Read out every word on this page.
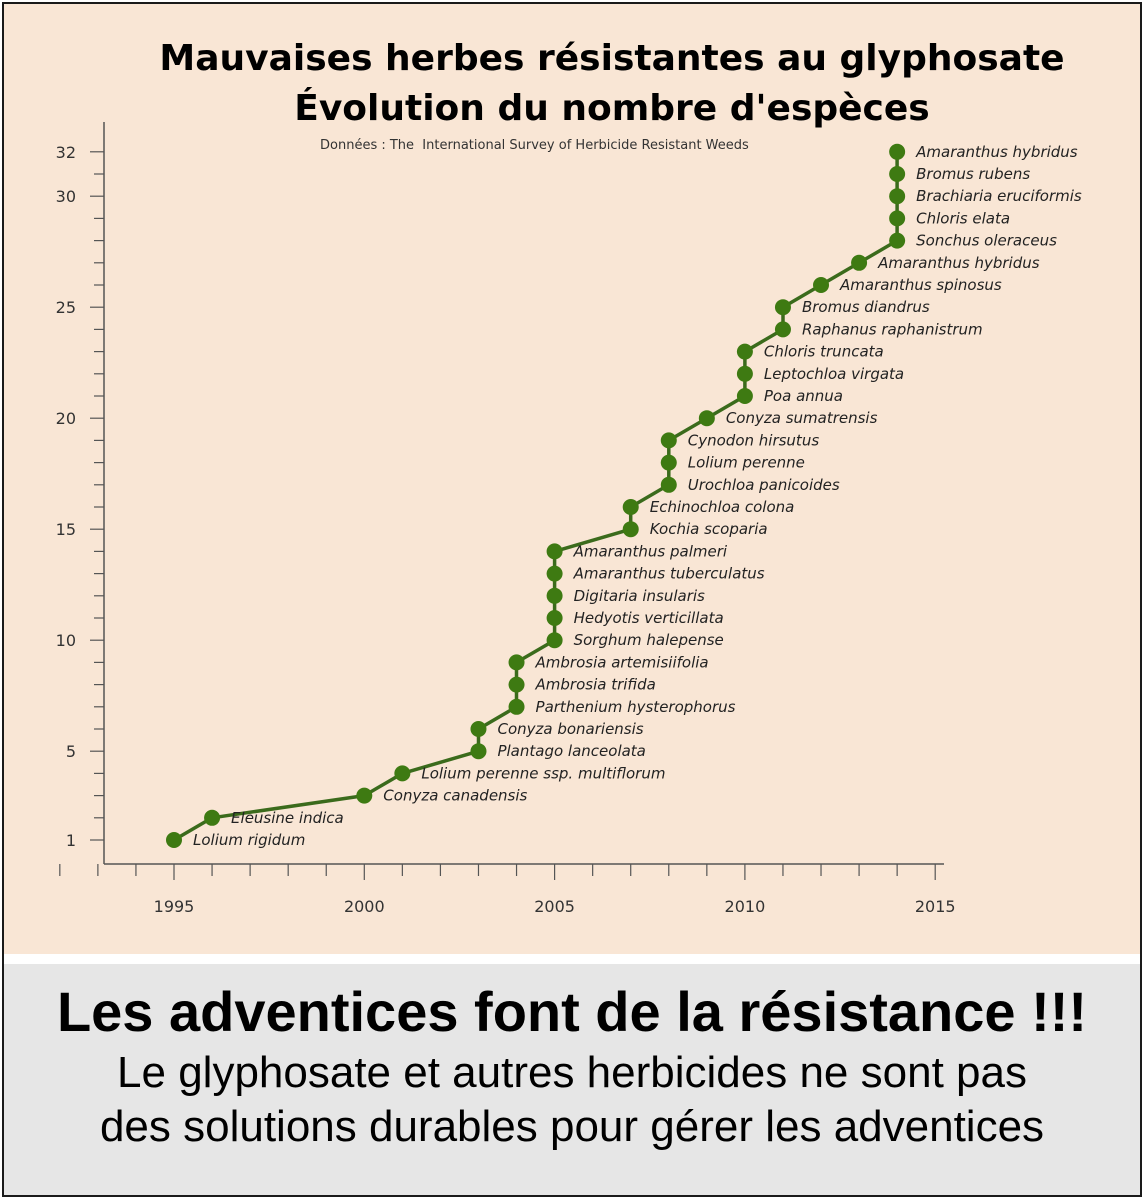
1
5
10
15
20
25
30
32
1995	2000	2005	2010	2015
Lolium rigidum
Eleusine indica
Conyza canadensis
Lolium perenne ssp. multiflorum
Plantago lanceolata
Conyza bonariensis
Parthenium hysterophorus
Ambrosia trifida
Ambrosia artemisiifolia
Sorghum halepense
Hedyotis verticillata
Digitaria insularis
Amaranthus tuberculatus
Amaranthus palmeri
Kochia scoparia
Echinochloa colona
Urochloa panicoides
Lolium perenne
Cynodon hirsutus
Conyza sumatrensis
Poa annua
Leptochloa virgata
Chloris truncata
Raphanus raphanistrum
Bromus diandrus
Amaranthus spinosus
Amaranthus hybridus
Sonchus oleraceus
Chloris elata
Brachiaria eruciformis
Bromus rubens
Amaranthus hybridus
Mauvaises herbes résistantes au glyphosate
Évolution du nombre d'espèces
Données : The  International Survey of Herbicide Resistant Weeds
Les adventices font de la résistance !!!
Le glyphosate et autres herbicides ne sont pas
des solutions durables pour gérer les adventices
